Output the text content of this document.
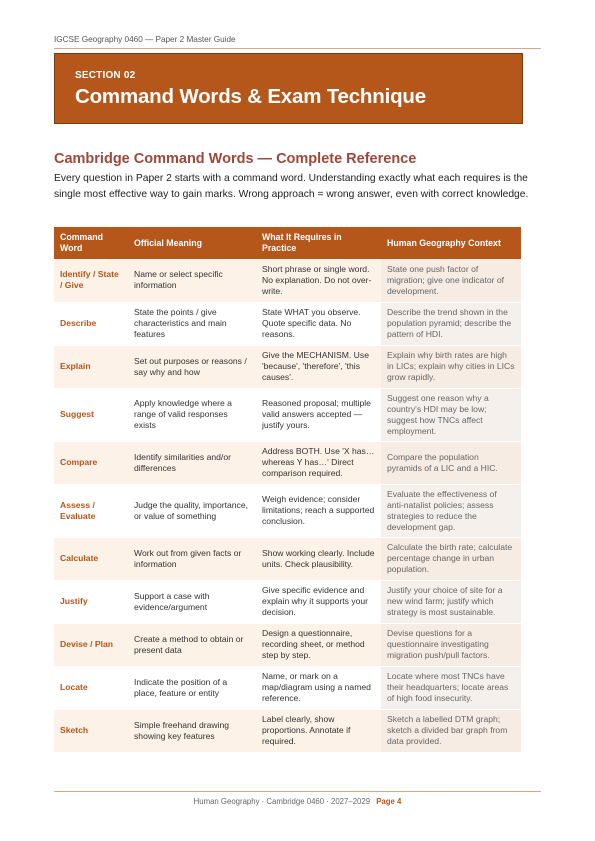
IGCSE Geography 0460 — Paper 2 Master Guide
SECTION 02
Command Words & Exam Technique
Cambridge Command Words — Complete Reference
Every question in Paper 2 starts with a command word. Understanding exactly what each requires is the single most effective way to gain marks. Wrong approach = wrong answer, even with correct knowledge.
Command Word	Official Meaning	What It Requires in Practice	Human Geography Context
Identify / State / Give	Name or select specific information	Short phrase or single word. No explanation. Do not over-write.	State one push factor of migration; give one indicator of development.
Describe	State the points / give characteristics and main features	State WHAT you observe. Quote specific data. No reasons.	Describe the trend shown in the population pyramid; describe the pattern of HDI.
Explain	Set out purposes or reasons / say why and how	Give the MECHANISM. Use 'because', 'therefore', 'this causes'.	Explain why birth rates are high in LICs; explain why cities in LICs grow rapidly.
Suggest	Apply knowledge where a range of valid responses exists	Reasoned proposal; multiple valid answers accepted — justify yours.	Suggest one reason why a country's HDI may be low; suggest how TNCs affect employment.
Compare	Identify similarities and/or differences	Address BOTH. Use 'X has… whereas Y has…' Direct comparison required.	Compare the population pyramids of a LIC and a HIC.
Assess / Evaluate	Judge the quality, importance, or value of something	Weigh evidence; consider limitations; reach a supported conclusion.	Evaluate the effectiveness of anti-natalist policies; assess strategies to reduce the development gap.
Calculate	Work out from given facts or information	Show working clearly. Include units. Check plausibility.	Calculate the birth rate; calculate percentage change in urban population.
Justify	Support a case with evidence/argument	Give specific evidence and explain why it supports your decision.	Justify your choice of site for a new wind farm; justify which strategy is most sustainable.
Devise / Plan	Create a method to obtain or present data	Design a questionnaire, recording sheet, or method step by step.	Devise questions for a questionnaire investigating migration push/pull factors.
Locate	Indicate the position of a place, feature or entity	Name, or mark on a map/diagram using a named reference.	Locate where most TNCs have their headquarters; locate areas of high food insecurity.
Sketch	Simple freehand drawing showing key features	Label clearly, show proportions. Annotate if required.	Sketch a labelled DTM graph; sketch a divided bar graph from data provided.
Human Geography · Cambridge 0460 · 2027–2029 Page 4
